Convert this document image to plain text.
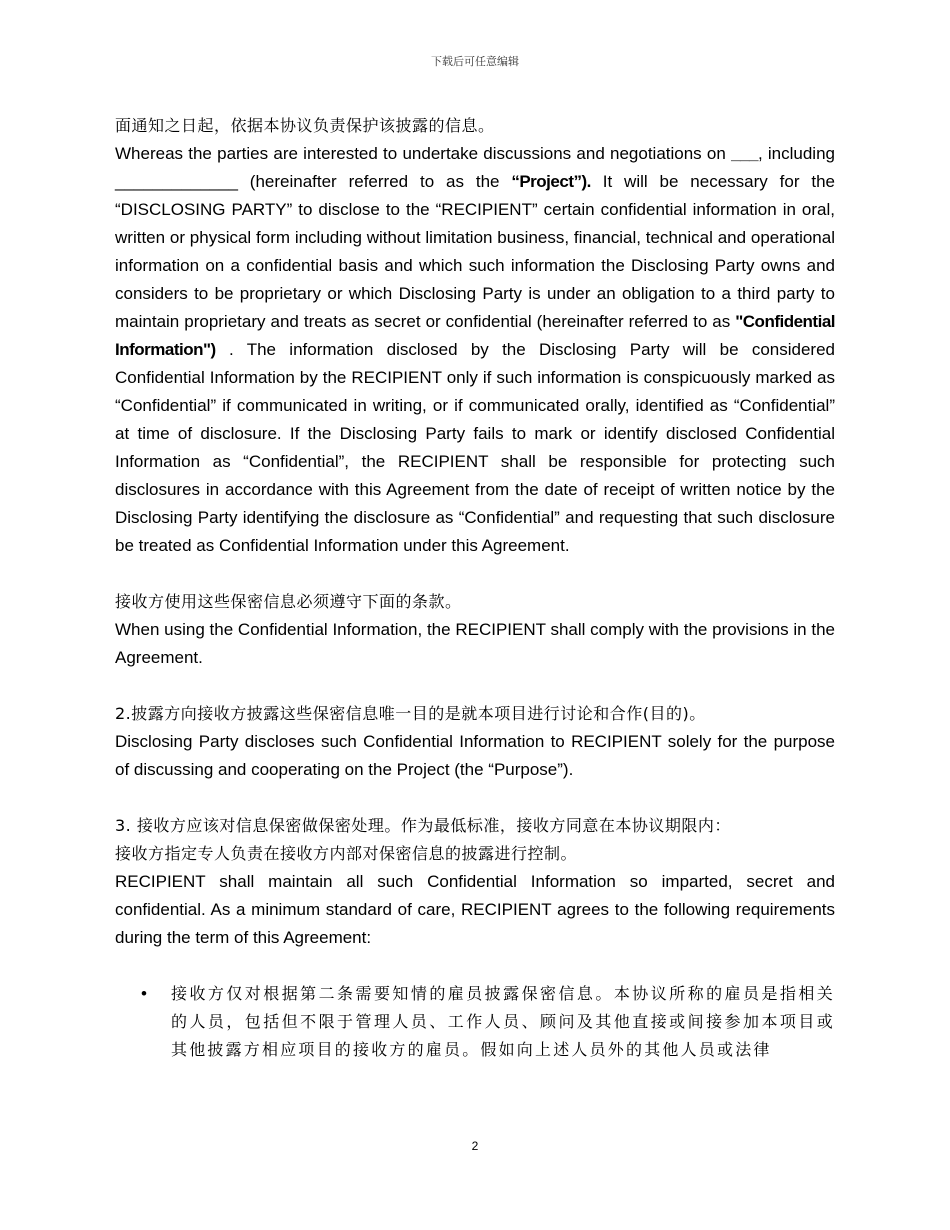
下载后可任意编辑
面通知之日起，依据本协议负责保护该披露的信息。
Whereas the parties are interested to undertake discussions and negotiations on ___, including _____________ (hereinafter referred to as the “Project”). It will be necessary for the “DISCLOSING PARTY” to disclose to the “RECIPIENT” certain confidential information in oral, written or physical form including without limitation business, financial, technical and operational information on a confidential basis and which such information the Disclosing Party owns and considers to be proprietary or which Disclosing Party is under an obligation to a third party to maintain proprietary and treats as secret or confidential (hereinafter referred to as "Confidential Information") . The information disclosed by the Disclosing Party will be considered Confidential Information by the RECIPIENT only if such information is conspicuously marked as “Confidential” if communicated in writing, or if communicated orally, identified as “Confidential” at time of disclosure. If the Disclosing Party fails to mark or identify disclosed Confidential Information as “Confidential”, the RECIPIENT shall be responsible for protecting such disclosures in accordance with this Agreement from the date of receipt of written notice by the Disclosing Party identifying the disclosure as “Confidential” and requesting that such disclosure be treated as Confidential Information under this Agreement.
接收方使用这些保密信息必须遵守下面的条款。
When using the Confidential Information, the RECIPIENT shall comply with the provisions in the Agreement.
2.披露方向接收方披露这些保密信息唯一目的是就本项目进行讨论和合作(目的)。
Disclosing Party discloses such Confidential Information to RECIPIENT solely for the purpose of discussing and cooperating on the Project (the “Purpose”).
3. 接收方应该对信息保密做保密处理。作为最低标准，接收方同意在本协议期限内：
接收方指定专人负责在接收方内部对保密信息的披露进行控制。
RECIPIENT shall maintain all such Confidential Information so imparted, secret and confidential. As a minimum standard of care, RECIPIENT agrees to the following requirements during the term of this Agreement:
•	接收方仅对根据第二条需要知情的雇员披露保密信息。本协议所称的雇员是指相关的人员，包括但不限于管理人员、工作人员、顾问及其他直接或间接参加本项目或其他披露方相应项目的接收方的雇员。假如向上述人员外的其他人员或法律
2
